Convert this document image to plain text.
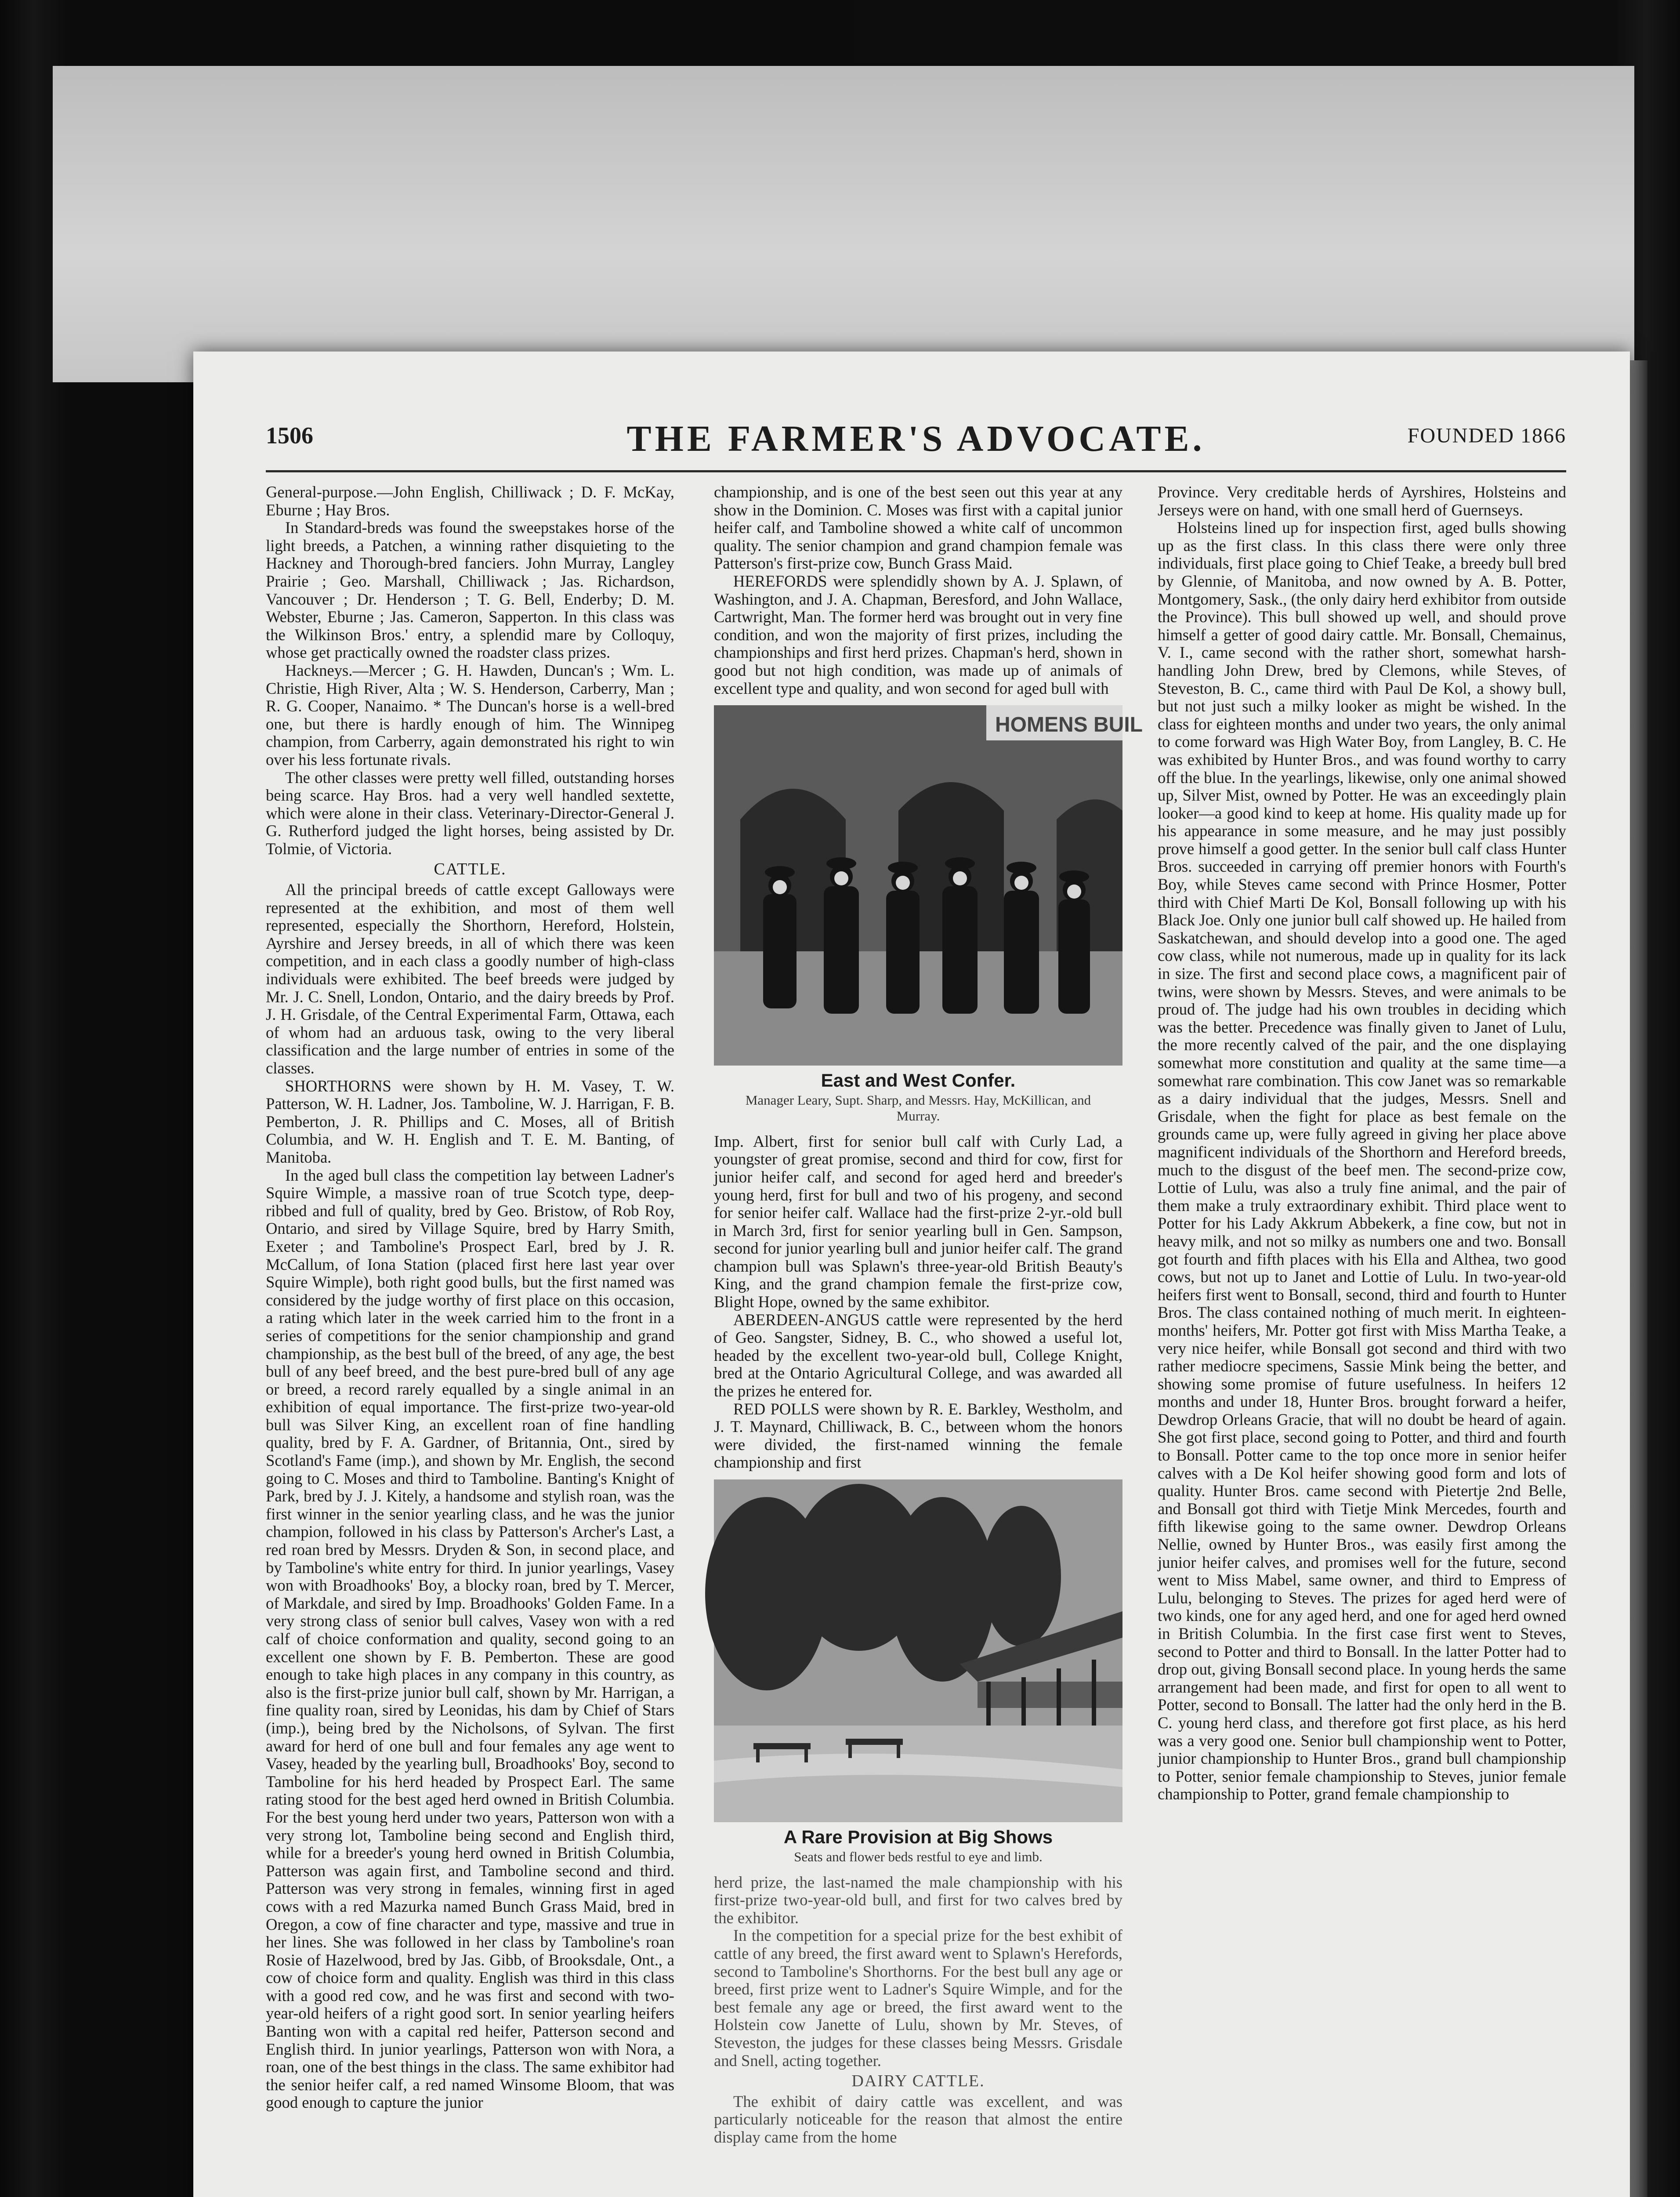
1506	THE FARMER'S ADVOCATE.	FOUNDED 1866

General-purpose.—John English, Chilliwack ; D. F. McKay, Eburne ; Hay Bros.

In Standard-breds was found the sweepstakes horse of the light breeds, a Patchen, a winning rather disquieting to the Hackney and Thorough-bred fanciers. John Murray, Langley Prairie ; Geo. Marshall, Chilliwack ; Jas. Richardson, Vancouver ; Dr. Henderson ; T. G. Bell, Enderby; D. M. Webster, Eburne ; Jas. Cameron, Sapperton. In this class was the Wilkinson Bros.' entry, a splendid mare by Colloquy, whose get practically owned the roadster class prizes.

Hackneys.—Mercer ; G. H. Hawden, Duncan's ; Wm. L. Christie, High River, Alta ; W. S. Henderson, Carberry, Man ; R. G. Cooper, Nanaimo. * The Duncan's horse is a well-bred one, but there is hardly enough of him. The Winnipeg champion, from Carberry, again demonstrated his right to win over his less fortunate rivals.

The other classes were pretty well filled, outstanding horses being scarce. Hay Bros. had a very well handled sextette, which were alone in their class. Veterinary-Director-General J. G. Rutherford judged the light horses, being assisted by Dr. Tolmie, of Victoria.

CATTLE.

All the principal breeds of cattle except Galloways were represented at the exhibition, and most of them well represented, especially the Shorthorn, Hereford, Holstein, Ayrshire and Jersey breeds, in all of which there was keen competition, and in each class a goodly number of high-class individuals were exhibited. The beef breeds were judged by Mr. J. C. Snell, London, Ontario, and the dairy breeds by Prof. J. H. Grisdale, of the Central Experimental Farm, Ottawa, each of whom had an arduous task, owing to the very liberal classification and the large number of entries in some of the classes.

SHORTHORNS were shown by H. M. Vasey, T. W. Patterson, W. H. Ladner, Jos. Tamboline, W. J. Harrigan, F. B. Pemberton, J. R. Phillips and C. Moses, all of British Columbia, and W. H. English and T. E. M. Banting, of Manitoba.

In the aged bull class the competition lay between Ladner's Squire Wimple, a massive roan of true Scotch type, deep-ribbed and full of quality, bred by Geo. Bristow, of Rob Roy, Ontario, and sired by Village Squire, bred by Harry Smith, Exeter ; and Tamboline's Prospect Earl, bred by J. R. McCallum, of Iona Station (placed first here last year over Squire Wimple), both right good bulls, but the first named was considered by the judge worthy of first place on this occasion, a rating which later in the week carried him to the front in a series of competitions for the senior championship and grand championship, as the best bull of the breed, of any age, the best bull of any beef breed, and the best pure-bred bull of any age or breed, a record rarely equalled by a single animal in an exhibition of equal importance. The first-prize two-year-old bull was Silver King, an excellent roan of fine handling quality, bred by F. A. Gardner, of Britannia, Ont., sired by Scotland's Fame (imp.), and shown by Mr. English, the second going to C. Moses and third to Tamboline. Banting's Knight of Park, bred by J. J. Kitely, a handsome and stylish roan, was the first winner in the senior yearling class, and he was the junior champion, followed in his class by Patterson's Archer's Last, a red roan bred by Messrs. Dryden & Son, in second place, and by Tamboline's white entry for third. In junior yearlings, Vasey won with Broadhooks' Boy, a blocky roan, bred by T. Mercer, of Markdale, and sired by Imp. Broadhooks' Golden Fame. In a very strong class of senior bull calves, Vasey won with a red calf of choice conformation and quality, second going to an excellent one shown by F. B. Pemberton. These are good enough to take high places in any company in this country, as also is the first-prize junior bull calf, shown by Mr. Harrigan, a fine quality roan, sired by Leonidas, his dam by Chief of Stars (imp.), being bred by the Nicholsons, of Sylvan. The first award for herd of one bull and four females any age went to Vasey, headed by the yearling bull, Broadhooks' Boy, second to Tamboline for his herd headed by Prospect Earl. The same rating stood for the best aged herd owned in British Columbia. For the best young herd under two years, Patterson won with a very strong lot, Tamboline being second and English third, while for a breeder's young herd owned in British Columbia, Patterson was again first, and Tamboline second and third. Patterson was very strong in females, winning first in aged cows with a red Mazurka named Bunch Grass Maid, bred in Oregon, a cow of fine character and type, massive and true in her lines. She was followed in her class by Tamboline's roan Rosie of Hazelwood, bred by Jas. Gibb, of Brooksdale, Ont., a cow of choice form and quality. English was third in this class with a good red cow, and he was first and second with two-year-old heifers of a right good sort. In senior yearling heifers Banting won with a capital red heifer, Patterson second and English third. In junior yearlings, Patterson won with Nora, a roan, one of the best things in the class. The same exhibitor had the senior heifer calf, a red named Winsome Bloom, that was good enough to capture the junior

championship, and is one of the best seen out this year at any show in the Dominion. C. Moses was first with a capital junior heifer calf, and Tamboline showed a white calf of uncommon quality. The senior champion and grand champion female was Patterson's first-prize cow, Bunch Grass Maid.

HEREFORDS were splendidly shown by A. J. Splawn, of Washington, and J. A. Chapman, Beresford, and John Wallace, Cartwright, Man. The former herd was brought out in very fine condition, and won the majority of first prizes, including the championships and first herd prizes. Chapman's herd, shown in good but not high condition, was made up of animals of excellent type and quality, and won second for aged bull with

HOMENS BUIL
East and West Confer.
Manager Leary, Supt. Sharp, and Messrs. Hay, McKillican, and Murray.

Imp. Albert, first for senior bull calf with Curly Lad, a youngster of great promise, second and third for cow, first for junior heifer calf, and second for aged herd and breeder's young herd, first for bull and two of his progeny, and second for senior heifer calf. Wallace had the first-prize 2-yr.-old bull in March 3rd, first for senior yearling bull in Gen. Sampson, second for junior yearling bull and junior heifer calf. The grand champion bull was Splawn's three-year-old British Beauty's King, and the grand champion female the first-prize cow, Blight Hope, owned by the same exhibitor.

ABERDEEN-ANGUS cattle were represented by the herd of Geo. Sangster, Sidney, B. C., who showed a useful lot, headed by the excellent two-year-old bull, College Knight, bred at the Ontario Agricultural College, and was awarded all the prizes he entered for.

RED POLLS were shown by R. E. Barkley, Westholm, and J. T. Maynard, Chilliwack, B. C., between whom the honors were divided, the first-named winning the female championship and first

A Rare Provision at Big Shows
Seats and flower beds restful to eye and limb.

herd prize, the last-named the male championship with his first-prize two-year-old bull, and first for two calves bred by the exhibitor.

In the competition for a special prize for the best exhibit of cattle of any breed, the first award went to Splawn's Herefords, second to Tamboline's Shorthorns. For the best bull any age or breed, first prize went to Ladner's Squire Wimple, and for the best female any age or breed, the first award went to the Holstein cow Janette of Lulu, shown by Mr. Steves, of Steveston, the judges for these classes being Messrs. Grisdale and Snell, acting together.

DAIRY CATTLE.

The exhibit of dairy cattle was excellent, and was particularly noticeable for the reason that almost the entire display came from the home

Province. Very creditable herds of Ayrshires, Holsteins and Jerseys were on hand, with one small herd of Guernseys.

Holsteins lined up for inspection first, aged bulls showing up as the first class. In this class there were only three individuals, first place going to Chief Teake, a breedy bull bred by Glennie, of Manitoba, and now owned by A. B. Potter, Montgomery, Sask., (the only dairy herd exhibitor from outside the Province). This bull showed up well, and should prove himself a getter of good dairy cattle. Mr. Bonsall, Chemainus, V. I., came second with the rather short, somewhat harsh-handling John Drew, bred by Clemons, while Steves, of Steveston, B. C., came third with Paul De Kol, a showy bull, but not just such a milky looker as might be wished. In the class for eighteen months and under two years, the only animal to come forward was High Water Boy, from Langley, B. C. He was exhibited by Hunter Bros., and was found worthy to carry off the blue. In the yearlings, likewise, only one animal showed up, Silver Mist, owned by Potter. He was an exceedingly plain looker—a good kind to keep at home. His quality made up for his appearance in some measure, and he may just possibly prove himself a good getter. In the senior bull calf class Hunter Bros. succeeded in carrying off premier honors with Fourth's Boy, while Steves came second with Prince Hosmer, Potter third with Chief Marti De Kol, Bonsall following up with his Black Joe. Only one junior bull calf showed up. He hailed from Saskatchewan, and should develop into a good one. The aged cow class, while not numerous, made up in quality for its lack in size. The first and second place cows, a magnificent pair of twins, were shown by Messrs. Steves, and were animals to be proud of. The judge had his own troubles in deciding which was the better. Precedence was finally given to Janet of Lulu, the more recently calved of the pair, and the one displaying somewhat more constitution and quality at the same time—a somewhat rare combination. This cow Janet was so remarkable as a dairy individual that the judges, Messrs. Snell and Grisdale, when the fight for place as best female on the grounds came up, were fully agreed in giving her place above magnificent individuals of the Shorthorn and Hereford breeds, much to the disgust of the beef men. The second-prize cow, Lottie of Lulu, was also a truly fine animal, and the pair of them make a truly extraordinary exhibit. Third place went to Potter for his Lady Akkrum Abbekerk, a fine cow, but not in heavy milk, and not so milky as numbers one and two. Bonsall got fourth and fifth places with his Ella and Althea, two good cows, but not up to Janet and Lottie of Lulu. In two-year-old heifers first went to Bonsall, second, third and fourth to Hunter Bros. The class contained nothing of much merit. In eighteen-months' heifers, Mr. Potter got first with Miss Martha Teake, a very nice heifer, while Bonsall got second and third with two rather mediocre specimens, Sassie Mink being the better, and showing some promise of future usefulness. In heifers 12 months and under 18, Hunter Bros. brought forward a heifer, Dewdrop Orleans Gracie, that will no doubt be heard of again. She got first place, second going to Potter, and third and fourth to Bonsall. Potter came to the top once more in senior heifer calves with a De Kol heifer showing good form and lots of quality. Hunter Bros. came second with Pietertje 2nd Belle, and Bonsall got third with Tietje Mink Mercedes, fourth and fifth likewise going to the same owner. Dewdrop Orleans Nellie, owned by Hunter Bros., was easily first among the junior heifer calves, and promises well for the future, second went to Miss Mabel, same owner, and third to Empress of Lulu, belonging to Steves. The prizes for aged herd were of two kinds, one for any aged herd, and one for aged herd owned in British Columbia. In the first case first went to Steves, second to Potter and third to Bonsall. In the latter Potter had to drop out, giving Bonsall second place. In young herds the same arrangement had been made, and first for open to all went to Potter, second to Bonsall. The latter had the only herd in the B. C. young herd class, and therefore got first place, as his herd was a very good one. Senior bull championship went to Potter, junior championship to Hunter Bros., grand bull championship to Potter, senior female championship to Steves, junior female championship to Potter, grand female championship to
